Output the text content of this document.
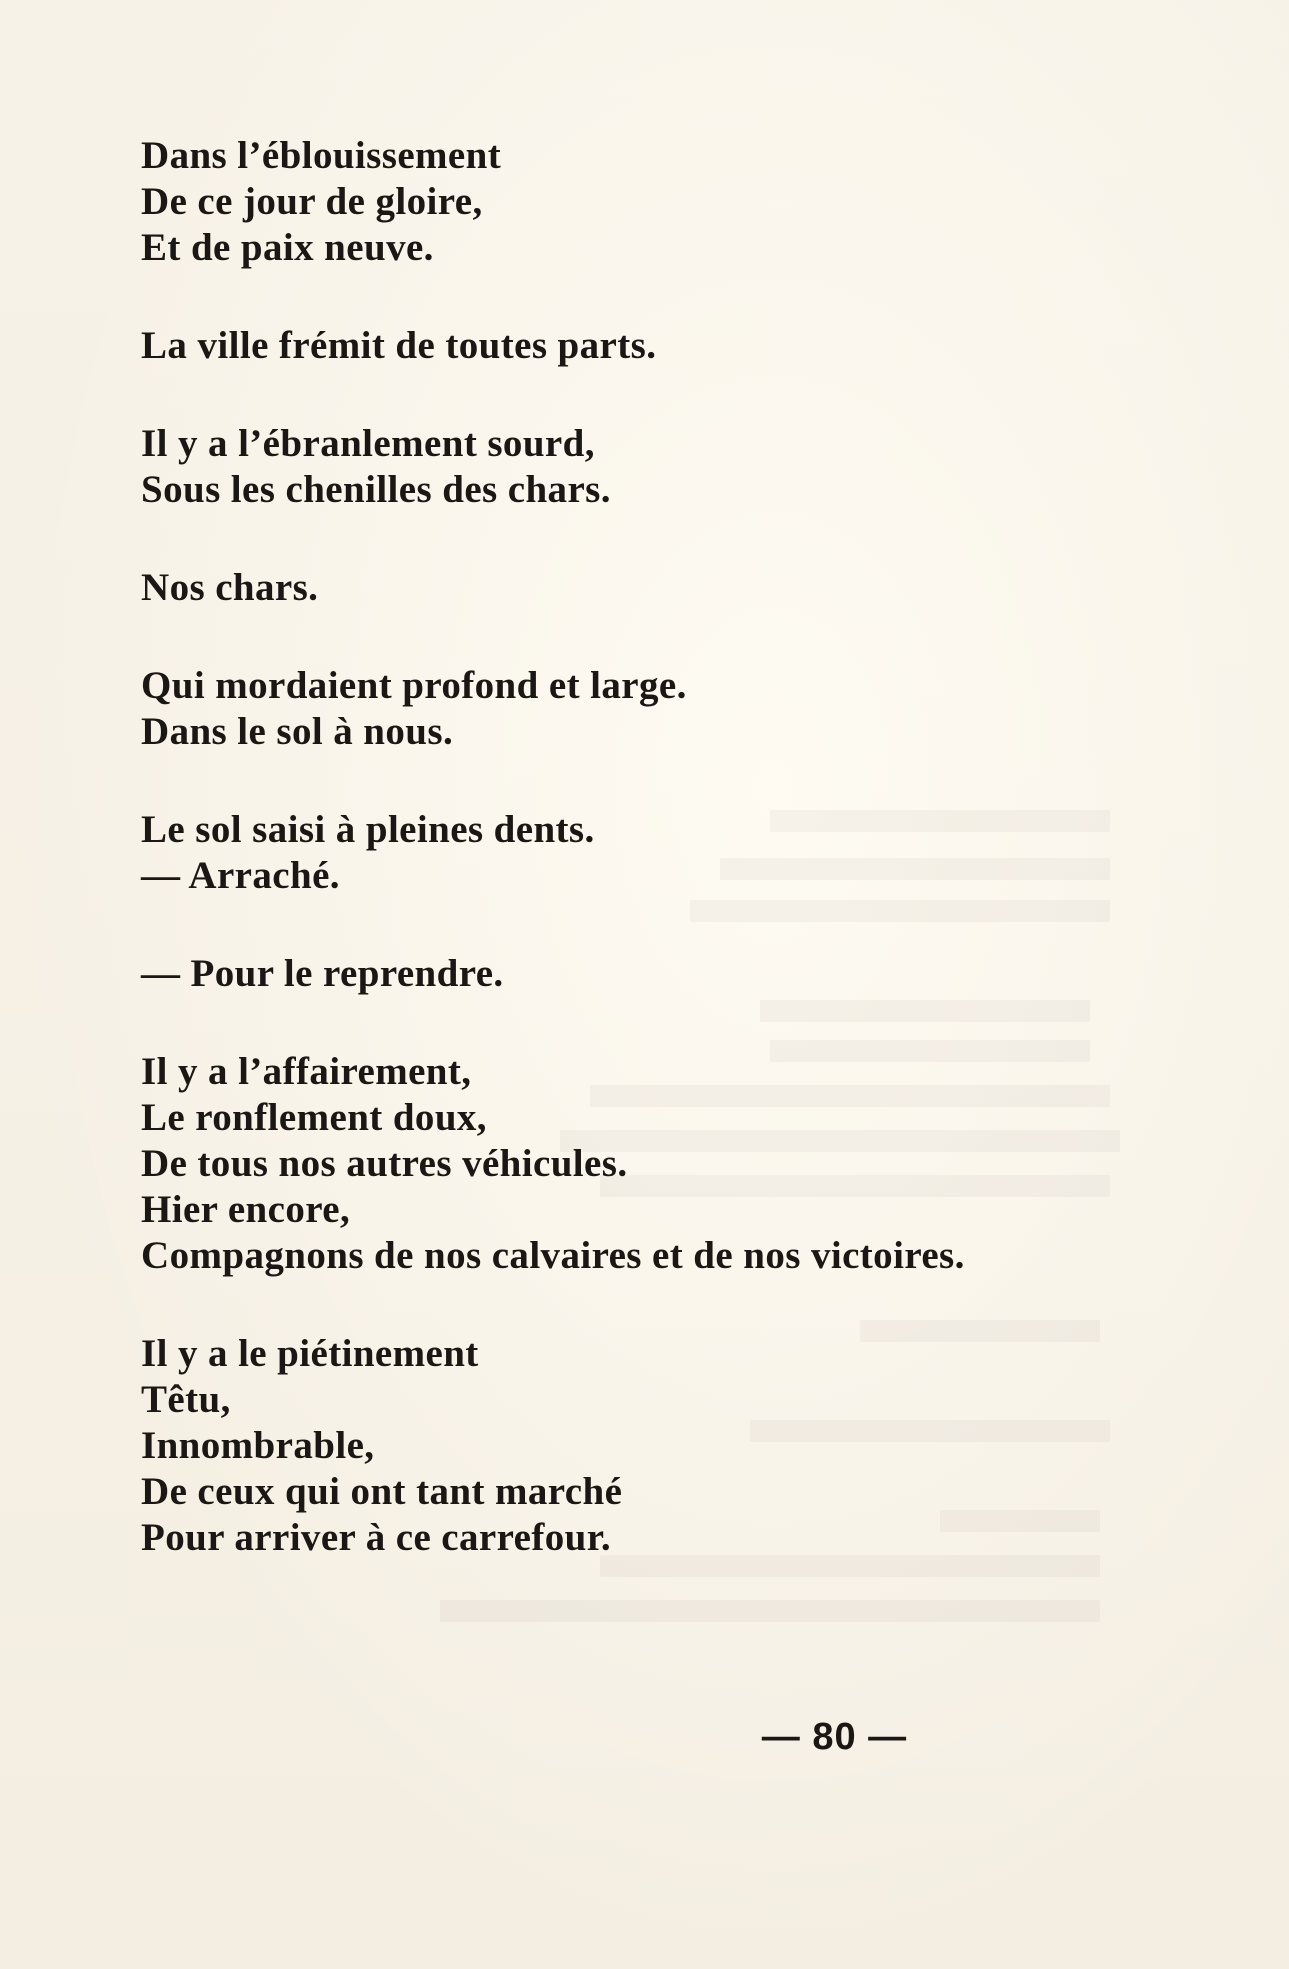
Dans l’éblouissement
De ce jour de gloire,
Et de paix neuve.
La ville frémit de toutes parts.
Il y a l’ébranlement sourd,
Sous les chenilles des chars.
Nos chars.
Qui mordaient profond et large.
Dans le sol à nous.
Le sol saisi à pleines dents.
— Arraché.
— Pour le reprendre.
Il y a l’affairement,
Le ronflement doux,
De tous nos autres véhicules.
Hier encore,
Compagnons de nos calvaires et de nos victoires.
Il y a le piétinement
Têtu,
Innombrable,
De ceux qui ont tant marché
Pour arriver à ce carrefour.
— 80 —
